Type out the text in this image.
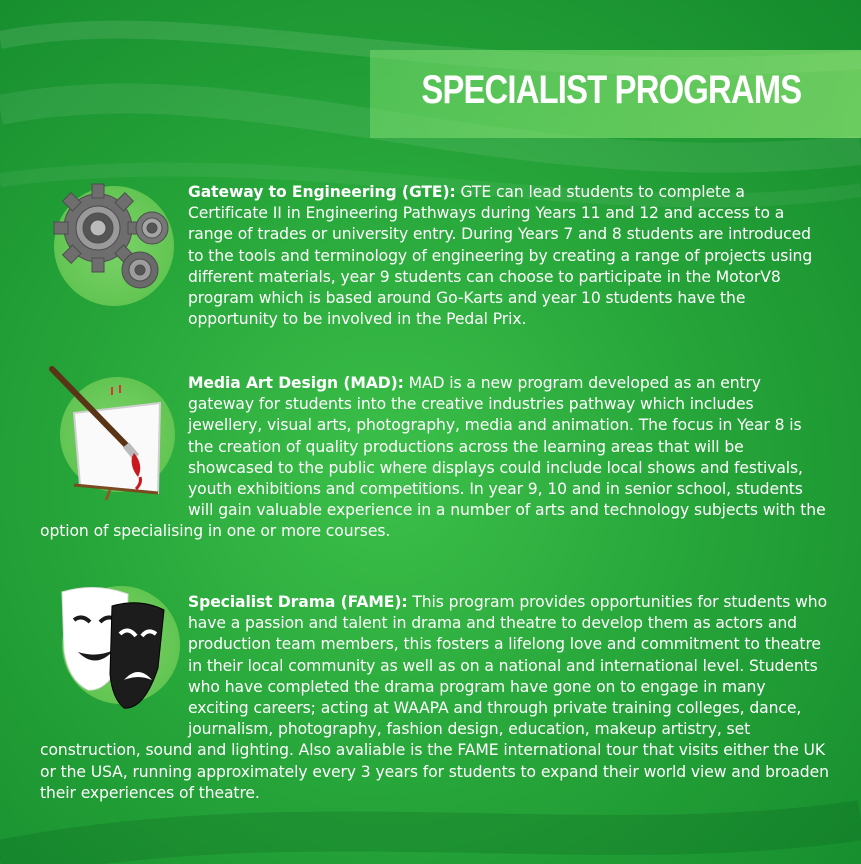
SPECIALIST PROGRAMS

Gateway to Engineering (GTE): GTE can lead students to complete a Certificate II in Engineering Pathways during Years 11 and 12 and access to a range of trades or university entry. During Years 7 and 8 students are introduced to the tools and terminology of engineering by creating a range of projects using different materials, year 9 students can choose to participate in the MotorV8 program which is based around Go-Karts and year 10 students have the opportunity to be involved in the Pedal Prix.

Media Art Design (MAD): MAD is a new program developed as an entry gateway for students into the creative industries pathway which includes jewellery, visual arts, photography, media and animation. The focus in Year 8 is the creation of quality productions across the learning areas that will be showcased to the public where displays could include local shows and festivals, youth exhibitions and competitions. In year 9, 10 and in senior school, students will gain valuable experience in a number of arts and technology subjects with the option of specialising in one or more courses.

Specialist Drama (FAME): This program provides opportunities for students who have a passion and talent in drama and theatre to develop them as actors and production team members, this fosters a lifelong love and commitment to theatre in their local community as well as on a national and international level. Students who have completed the drama program have gone on to engage in many exciting careers; acting at WAAPA and through private training colleges, dance, journalism, photography, fashion design, education, makeup artistry, set construction, sound and lighting. Also avaliable is the FAME international tour that visits either the UK or the USA, running approximately every 3 years for students to expand their world view and broaden their experiences of theatre.
